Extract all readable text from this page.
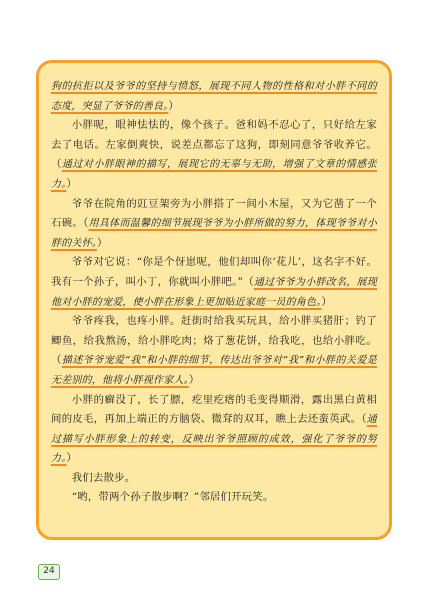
狗的抗拒以及爷爷的坚持与愤怒，展现不同人物的性格和对小胖不同的态度，突显了爷爷的善良。）

小胖呢，眼神怯怯的，像个孩子。爸和妈不忍心了，只好给左家去了电话。左家倒爽快，说差点都忘了这狗，即刻同意爷爷收养它。（通过对小胖眼神的描写，展现它的无辜与无助，增强了文章的情感张力。）

爷爷在院角的豇豆架旁为小胖搭了一间小木屋，又为它凿了一个石碗。（用具体而温馨的细节展现爷爷为小胖所做的努力，体现爷爷对小胖的关怀。）

爷爷对它说：“你是个伢崽呢，他们却叫你‘花儿’，这名字不好。我有一个孙子，叫小丁，你就叫小胖吧。”（通过爷爷为小胖改名，展现他对小胖的宠爱，使小胖在形象上更加贴近家庭一员的角色。）

爷爷疼我，也疼小胖。赶街时给我买玩具，给小胖买猪肝；钓了鲫鱼，给我熬汤，给小胖吃肉；烙了葱花饼，给我吃，也给小胖吃。（描述爷爷宠爱“我”和小胖的细节，传达出爷爷对“我”和小胖的关爱是无差别的，他将小胖视作家人。）

小胖的癣没了，长了膘，疙里疙瘩的毛变得顺滑，露出黑白黄相间的皮毛，再加上端正的方脑袋、微耷的双耳，瞧上去还蛮英武。（通过描写小胖形象上的转变，反映出爷爷照顾的成效，强化了爷爷的努力。）

我们去散步。

“哟，带两个孙子散步啊？”邻居们开玩笑。

24
